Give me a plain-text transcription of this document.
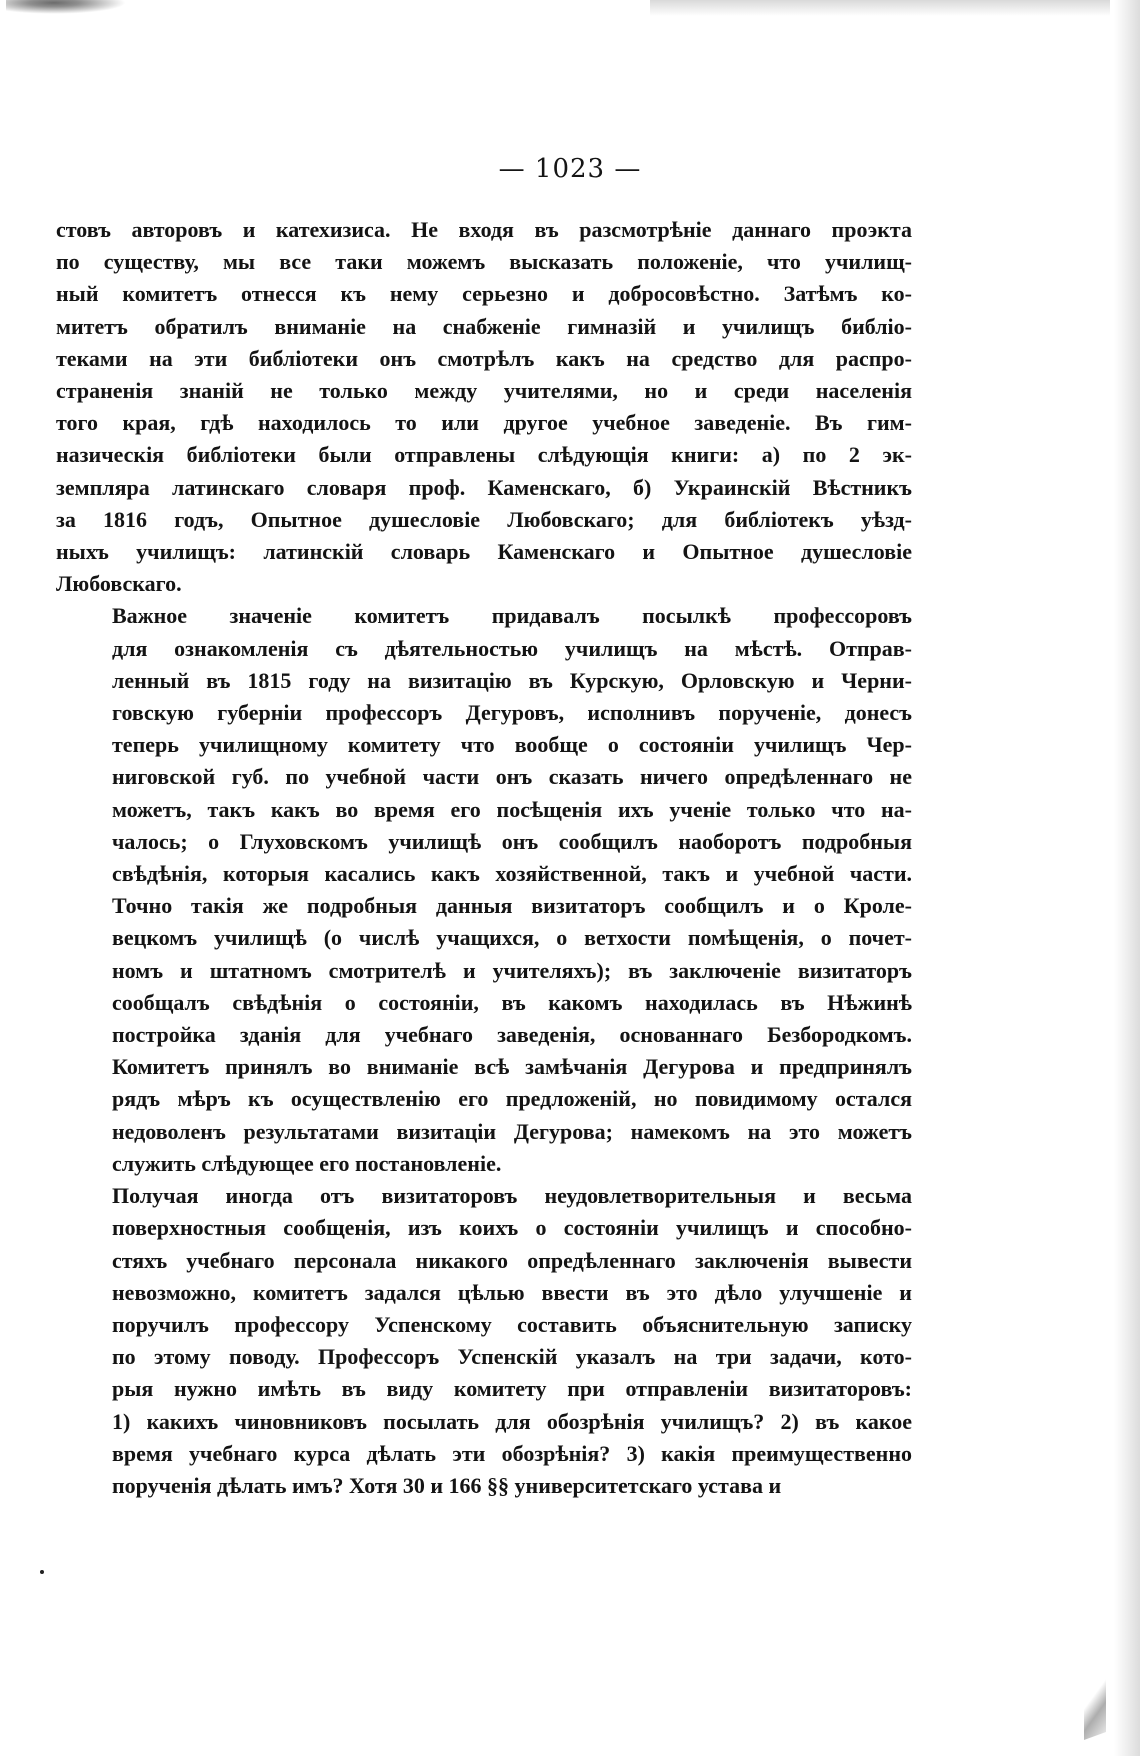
— 1023 —
стовъ авторовъ и катехизиса. Не входя въ разсмотрѣніе даннаго проэкта
по существу, мы все таки можемъ высказать положеніе, что училищ-
ный комитетъ отнесся къ нему серьезно и добросовѣстно. Затѣмъ ко-
митетъ обратилъ вниманіе на снабженіе гимназій и училищъ библіо-
теками на эти библіотеки онъ смотрѣлъ какъ на средство для распро-
страненія знаній не только между учителями, но и среди населенія
того края, гдѣ находилось то или другое учебное заведеніе. Въ гим-
назическія библіотеки были отправлены слѣдующія книги: а) по 2 эк-
земпляра латинскаго словаря проф. Каменскаго, б) Украинскій Вѣстникъ
за 1816 годъ, Опытное душесловіе Любовскаго; для библіотекъ уѣзд-
ныхъ училищъ: латинскій словарь Каменскаго и Опытное душесловіе
Любовскаго.
Важное значеніе комитетъ придавалъ посылкѣ профессоровъ
для ознакомленія съ дѣятельностью училищъ на мѣстѣ. Отправ-
ленный въ 1815 году на визитацію въ Курскую, Орловскую и Черни-
говскую губерніи профессоръ Дегуровъ, исполнивъ порученіе, донесъ
теперь училищному комитету что вообще о состояніи училищъ Чер-
ниговской губ. по учебной части онъ сказать ничего опредѣленнаго не
можетъ, такъ какъ во время его посѣщенія ихъ ученіе только что на-
чалось; о Глуховскомъ училищѣ онъ сообщилъ наоборотъ подробныя
свѣдѣнія, которыя касались какъ хозяйственной, такъ и учебной части.
Точно такія же подробныя данныя визитаторъ сообщилъ и о Кроле-
вецкомъ училищѣ (о числѣ учащихся, о ветхости помѣщенія, о почет-
номъ и штатномъ смотрителѣ и учителяхъ); въ заключеніе визитаторъ
сообщалъ свѣдѣнія о состояніи, въ какомъ находилась въ Нѣжинѣ
постройка зданія для учебнаго заведенія, основаннаго Безбородкомъ.
Комитетъ принялъ во вниманіе всѣ замѣчанія Дегурова и предпринялъ
рядъ мѣръ къ осуществленію его предложеній, но повидимому остался
недоволенъ результатами визитаціи Дегурова; намекомъ на это можетъ
служить слѣдующее его постановленіе.
Получая иногда отъ визитаторовъ неудовлетворительныя и весьма
поверхностныя сообщенія, изъ коихъ о состояніи училищъ и способно-
стяхъ учебнаго персонала никакого опредѣленнаго заключенія вывести
невозможно, комитетъ задался цѣлью ввести въ это дѣло улучшеніе и
поручилъ профессору Успенскому составить объяснительную записку
по этому поводу. Профессоръ Успенскій указалъ на три задачи, кото-
рыя нужно имѣть въ виду комитету при отправленіи визитаторовъ:
1) какихъ чиновниковъ посылать для обозрѣнія училищъ? 2) въ какое
время учебнаго курса дѣлать эти обозрѣнія? 3) какія преимущественно
порученія дѣлать имъ? Хотя 30 и 166 §§ университетскаго устава и
